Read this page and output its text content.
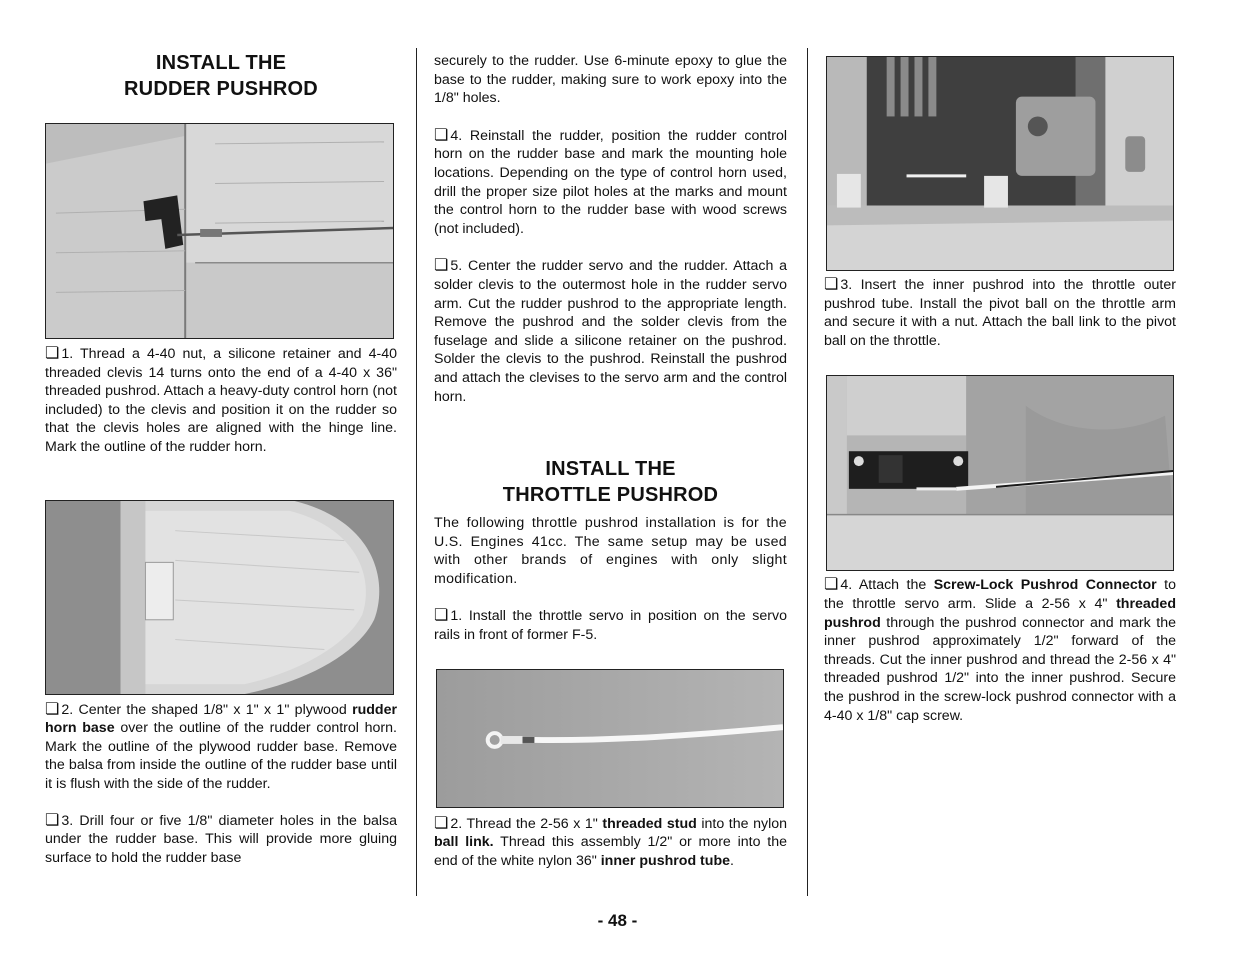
INSTALL THE
RUDDER PUSHROD

❏ 1. Thread a 4-40 nut, a silicone retainer and 4-40 threaded clevis 14 turns onto the end of a 4-40 x 36" threaded pushrod. Attach a heavy-duty control horn (not included) to the clevis and position it on the rudder so that the clevis holes are aligned with the hinge line. Mark the outline of the rudder horn.

❏ 2. Center the shaped 1/8" x 1" x 1" plywood rudder horn base over the outline of the rudder control horn. Mark the outline of the plywood rudder base. Remove the balsa from inside the outline of the rudder base until it is flush with the side of the rudder.

❏ 3. Drill four or five 1/8" diameter holes in the balsa under the rudder base. This will provide more gluing surface to hold the rudder base

securely to the rudder. Use 6-minute epoxy to glue the base to the rudder, making sure to work epoxy into the 1/8" holes.

❏ 4. Reinstall the rudder, position the rudder control horn on the rudder base and mark the mounting hole locations. Depending on the type of control horn used, drill the proper size pilot holes at the marks and mount the control horn to the rudder base with wood screws (not included).

❏ 5. Center the rudder servo and the rudder. Attach a solder clevis to the outermost hole in the rudder servo arm. Cut the rudder pushrod to the appropriate length. Remove the pushrod and the solder clevis from the fuselage and slide a silicone retainer on the pushrod. Solder the clevis to the pushrod. Reinstall the pushrod and attach the clevises to the servo arm and the control horn.

INSTALL THE
THROTTLE PUSHROD

The following throttle pushrod installation is for the U.S. Engines 41cc. The same setup may be used with other brands of engines with only slight modification.

❏ 1. Install the throttle servo in position on the servo rails in front of former F-5.

❏ 2. Thread the 2-56 x 1" threaded stud into the nylon ball link. Thread this assembly 1/2" or more into the end of the white nylon 36" inner pushrod tube.

❏ 3. Insert the inner pushrod into the throttle outer pushrod tube. Install the pivot ball on the throttle arm and secure it with a nut. Attach the ball link to the pivot ball on the throttle.

❏ 4. Attach the Screw-Lock Pushrod Connector to the throttle servo arm. Slide a 2-56 x 4" threaded pushrod through the pushrod connector and mark the inner pushrod approximately 1/2" forward of the threads. Cut the inner pushrod and thread the 2-56 x 4" threaded pushrod 1/2" into the inner pushrod. Secure the pushrod in the screw-lock pushrod connector with a 4-40 x 1/8" cap screw.

- 48 -
